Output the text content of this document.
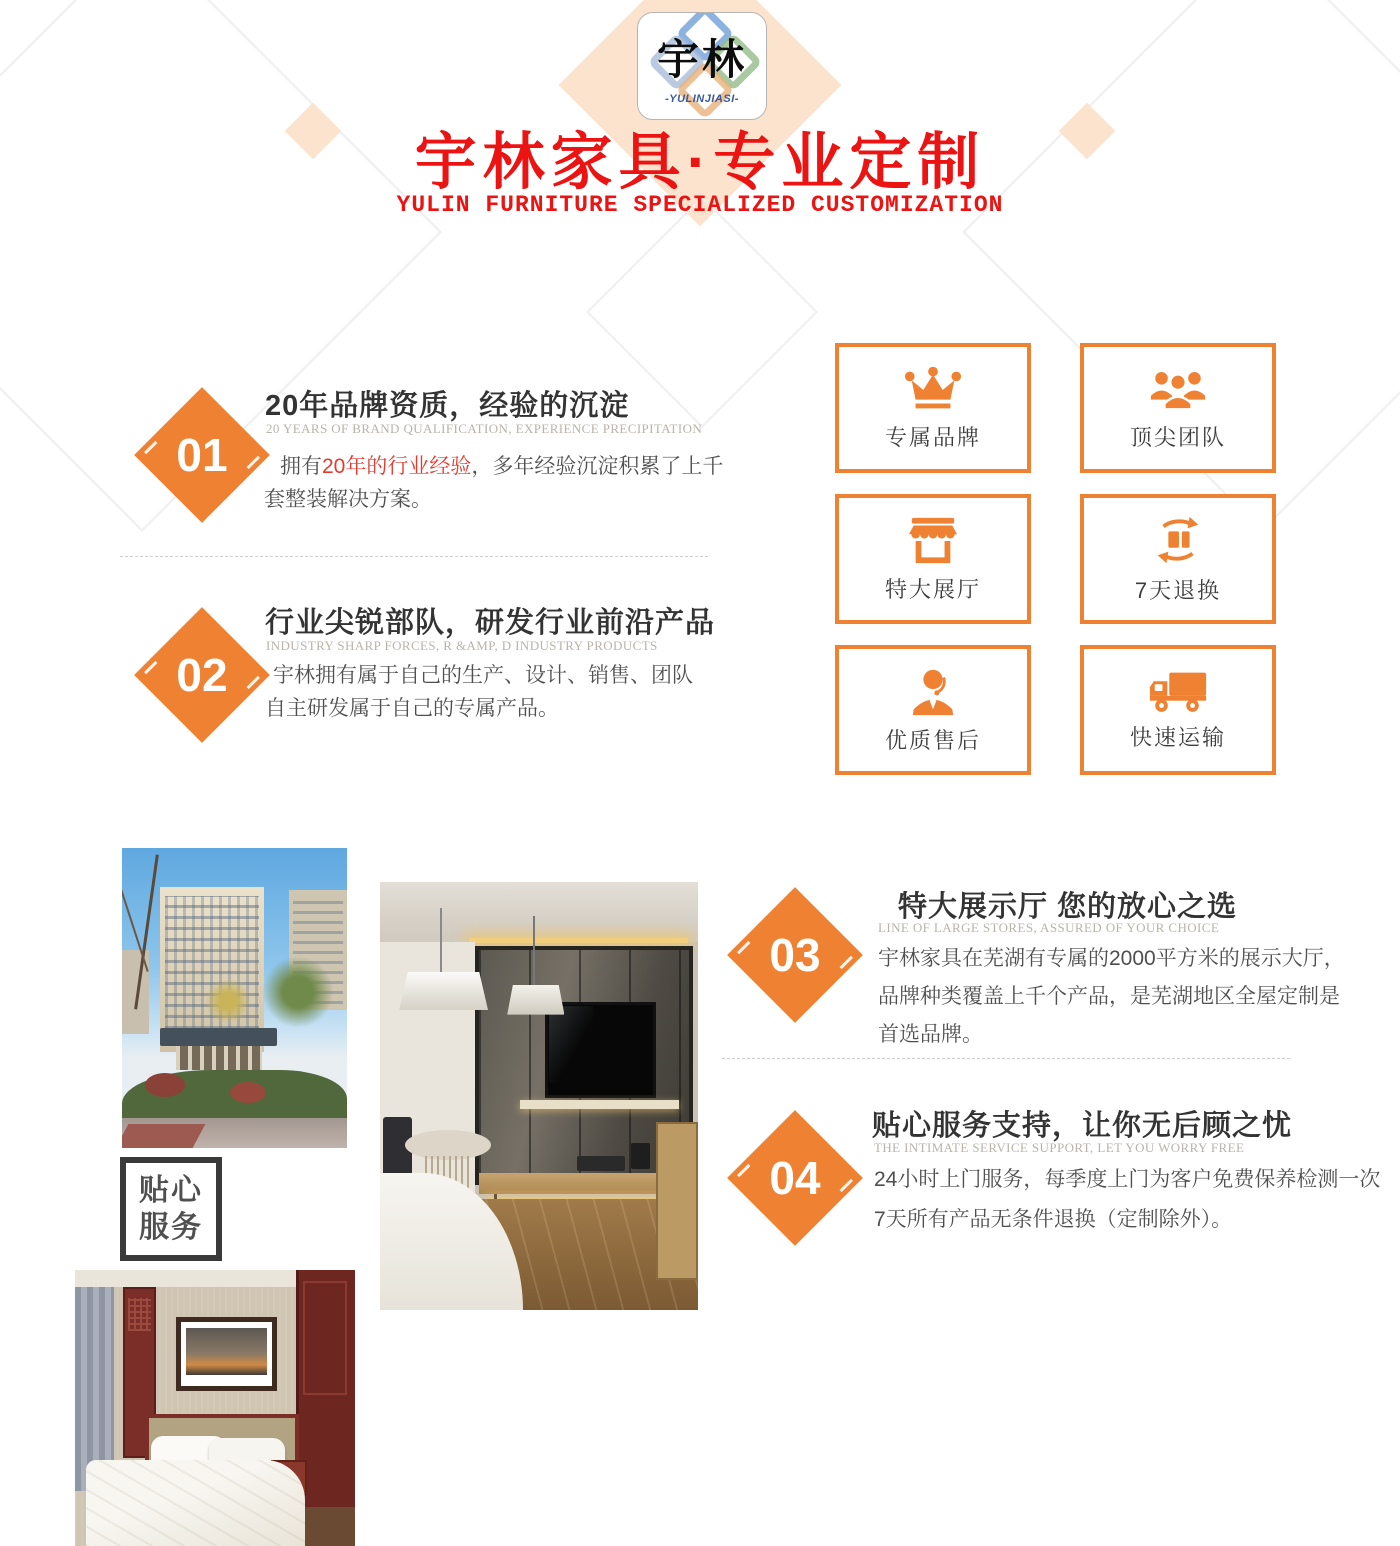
宇林
-YULINJIASI-
宇林家具·专业定制
YULIN FURNITURE SPECIALIZED CUSTOMIZATION
01
20年品牌资质，经验的沉淀
20 YEARS OF BRAND QUALIFICATION, EXPERIENCE PRECIPITATION
拥有20年的行业经验，多年经验沉淀积累了上千
套整装解决方案。
02
行业尖锐部队，研发行业前沿产品
INDUSTRY SHARP FORCES, R &AMP, D INDUSTRY PRODUCTS
宇林拥有属于自己的生产、设计、销售、团队
自主研发属于自己的专属产品。
专属品牌	顶尖团队
特大展厅	7天退换
优质售后	快速运输
贴心
服务
03
特大展示厅 您的放心之选
LINE OF LARGE STORES, ASSURED OF YOUR CHOICE
宇林家具在芜湖有专属的2000平方米的展示大厅，
品牌种类覆盖上千个产品，是芜湖地区全屋定制是
首选品牌。
04
贴心服务支持，让你无后顾之忧
THE INTIMATE SERVICE SUPPORT, LET YOU WORRY FREE
24小时上门服务，每季度上门为客户免费保养检测一次
7天所有产品无条件退换（定制除外）。
